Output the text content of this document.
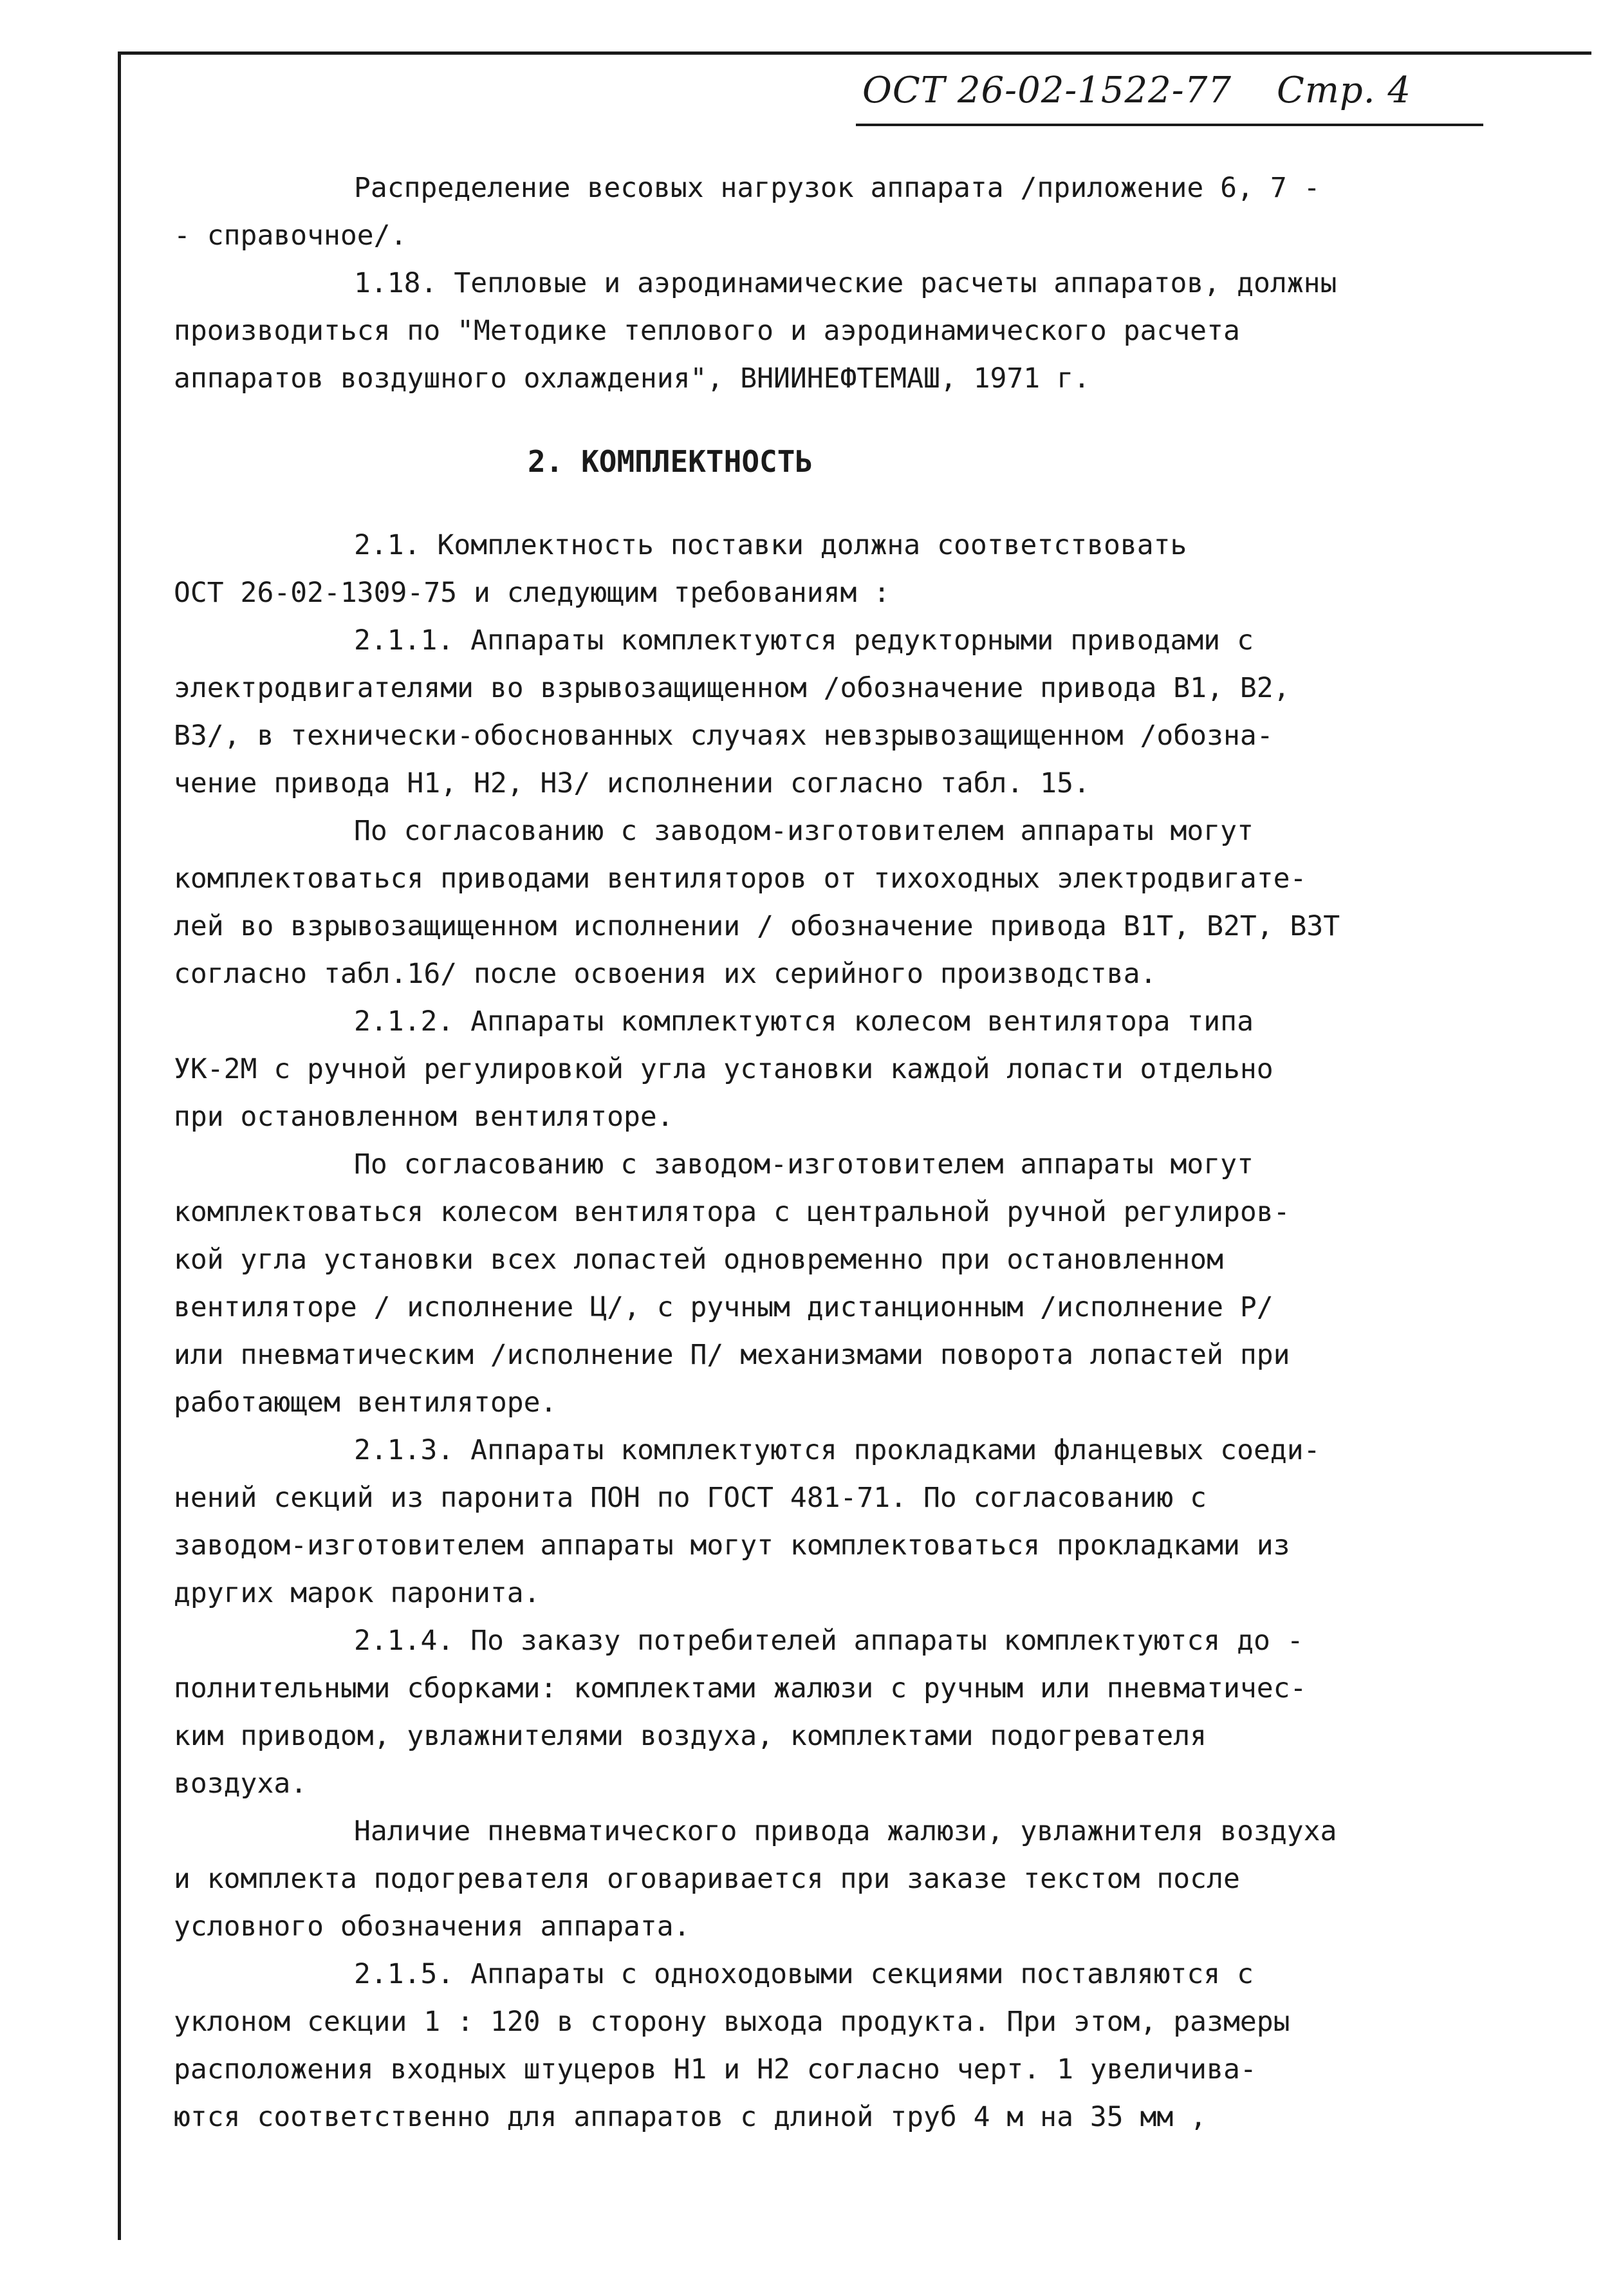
ОСТ 26-02-1522-77 Стр. 4
Распределение весовых нагрузок аппарата /приложение 6, 7 -
- справочное/.
1.18. Тепловые и аэродинамические расчеты аппаратов, должны
производиться по "Методике теплового и аэродинамического расчета
аппаратов воздушного охлаждения", ВНИИНЕФТЕМАШ, 1971 г.
2. КОМПЛЕКТНОСТЬ
2.1. Комплектность поставки должна соответствовать
ОСТ 26-02-1309-75 и следующим требованиям :
2.1.1. Аппараты комплектуются редукторными приводами с
электродвигателями во взрывозащищенном /обозначение привода В1, В2,
В3/, в технически-обоснованных случаях невзрывозащищенном /обозна-
чение привода Н1, Н2, Н3/ исполнении согласно табл. 15.
По согласованию с заводом-изготовителем аппараты могут
комплектоваться приводами вентиляторов от тихоходных электродвигате-
лей во взрывозащищенном исполнении / обозначение привода В1Т, В2Т, В3Т
согласно табл.16/ после освоения их серийного производства.
2.1.2. Аппараты комплектуются колесом вентилятора типа
УК-2М с ручной регулировкой угла установки каждой лопасти отдельно
при остановленном вентиляторе.
По согласованию с заводом-изготовителем аппараты могут
комплектоваться колесом вентилятора с центральной ручной регулиров-
кой угла установки всех лопастей одновременно при остановленном
вентиляторе / исполнение Ц/, с ручным дистанционным /исполнение Р/
или пневматическим /исполнение П/ механизмами поворота лопастей при
работающем вентиляторе.
2.1.3. Аппараты комплектуются прокладками фланцевых соеди-
нений секций из паронита ПОН по ГОСТ 481-71. По согласованию с
заводом-изготовителем аппараты могут комплектоваться прокладками из
других марок паронита.
2.1.4. По заказу потребителей аппараты комплектуются до -
полнительными сборками: комплектами жалюзи с ручным или пневматичес-
ким приводом, увлажнителями воздуха, комплектами подогревателя
воздуха.
Наличие пневматического привода жалюзи, увлажнителя воздуха
и комплекта подогревателя оговаривается при заказе текстом после
условного обозначения аппарата.
2.1.5. Аппараты с одноходовыми секциями поставляются с
уклоном секции 1 : 120 в сторону выхода продукта. При этом, размеры
расположения входных штуцеров Н1 и Н2 согласно черт. 1 увеличива-
ются соответственно для аппаратов с длиной труб 4 м на 35 мм ,
